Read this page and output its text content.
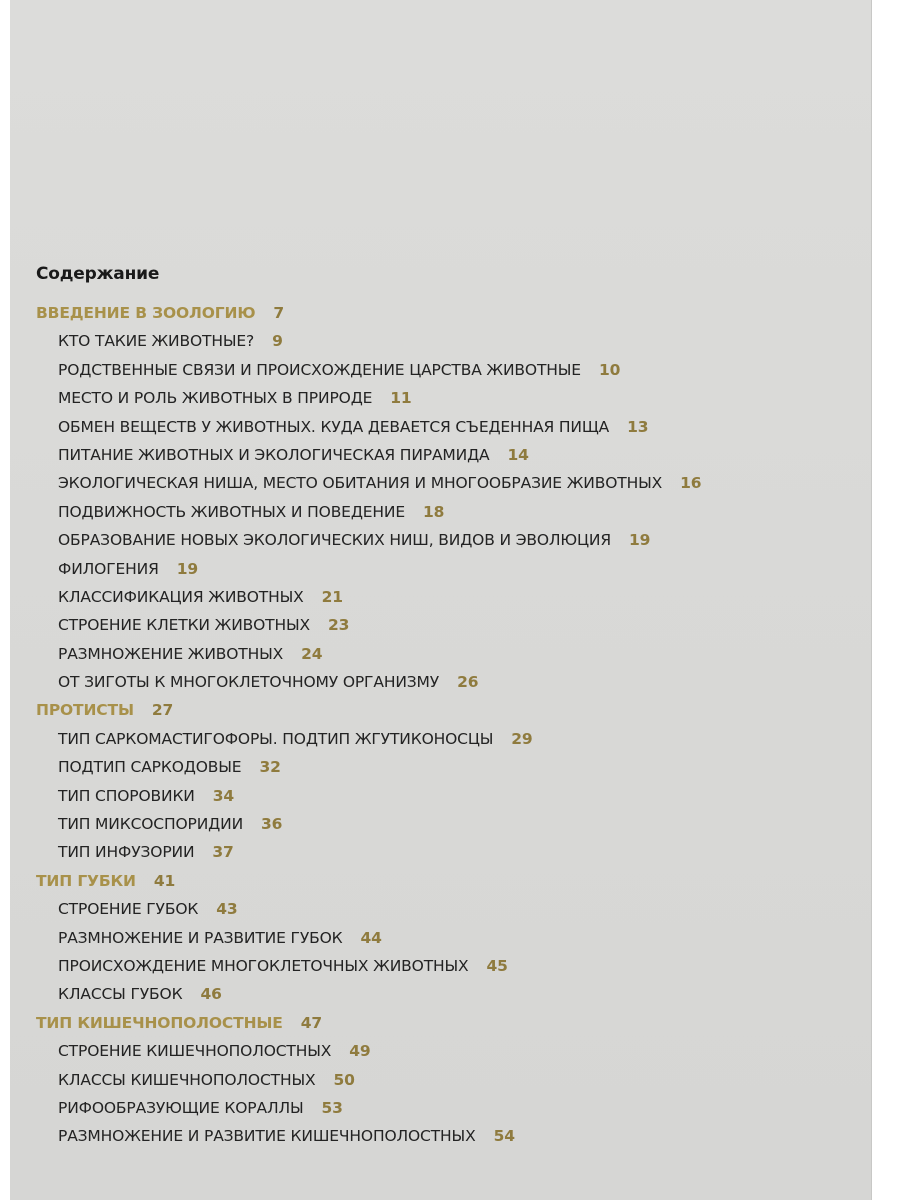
Содержание
ВВЕДЕНИЕ В ЗООЛОГИЮ 7
КТО ТАКИЕ ЖИВОТНЫЕ? 9
РОДСТВЕННЫЕ СВЯЗИ И ПРОИСХОЖДЕНИЕ ЦАРСТВА ЖИВОТНЫЕ 10
МЕСТО И РОЛЬ ЖИВОТНЫХ В ПРИРОДЕ 11
ОБМЕН ВЕЩЕСТВ У ЖИВОТНЫХ. КУДА ДЕВАЕТСЯ СЪЕДЕННАЯ ПИЩА 13
ПИТАНИЕ ЖИВОТНЫХ И ЭКОЛОГИЧЕСКАЯ ПИРАМИДА 14
ЭКОЛОГИЧЕСКАЯ НИША, МЕСТО ОБИТАНИЯ И МНОГООБРАЗИЕ ЖИВОТНЫХ 16
ПОДВИЖНОСТЬ ЖИВОТНЫХ И ПОВЕДЕНИЕ 18
ОБРАЗОВАНИЕ НОВЫХ ЭКОЛОГИЧЕСКИХ НИШ, ВИДОВ И ЭВОЛЮЦИЯ 19
ФИЛОГЕНИЯ 19
КЛАССИФИКАЦИЯ ЖИВОТНЫХ 21
СТРОЕНИЕ КЛЕТКИ ЖИВОТНЫХ 23
РАЗМНОЖЕНИЕ ЖИВОТНЫХ 24
ОТ ЗИГОТЫ К МНОГОКЛЕТОЧНОМУ ОРГАНИЗМУ 26
ПРОТИСТЫ 27
ТИП САРКОМАСТИГОФОРЫ. ПОДТИП ЖГУТИКОНОСЦЫ 29
ПОДТИП САРКОДОВЫЕ 32
ТИП СПОРОВИКИ 34
ТИП МИКСОСПОРИДИИ 36
ТИП ИНФУЗОРИИ 37
ТИП ГУБКИ 41
СТРОЕНИЕ ГУБОК 43
РАЗМНОЖЕНИЕ И РАЗВИТИЕ ГУБОК 44
ПРОИСХОЖДЕНИЕ МНОГОКЛЕТОЧНЫХ ЖИВОТНЫХ 45
КЛАССЫ ГУБОК 46
ТИП КИШЕЧНОПОЛОСТНЫЕ 47
СТРОЕНИЕ КИШЕЧНОПОЛОСТНЫХ 49
КЛАССЫ КИШЕЧНОПОЛОСТНЫХ 50
РИФООБРАЗУЮЩИЕ КОРАЛЛЫ 53
РАЗМНОЖЕНИЕ И РАЗВИТИЕ КИШЕЧНОПОЛОСТНЫХ 54
